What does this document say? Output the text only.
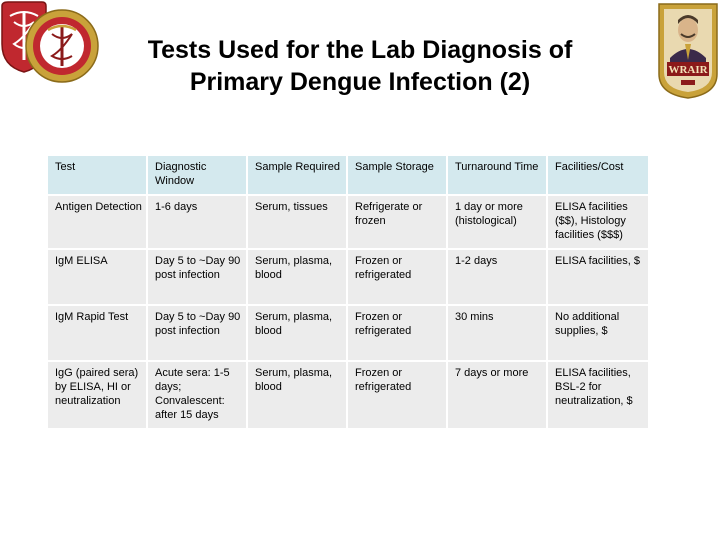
Tests Used for the Lab Diagnosis of
Primary Dengue Infection (2)	WRAIR
Test	Diagnostic Window	Sample Required	Sample Storage	Turnaround Time	Facilities/Cost
Antigen Detection	1-6 days	Serum, tissues	Refrigerate or frozen	1 day or more (histological)	ELISA facilities ($$), Histology facilities ($$$)
IgM ELISA	Day 5 to ~Day 90 post infection	Serum, plasma, blood	Frozen or refrigerated	1-2 days	ELISA facilities, $
IgM Rapid Test	Day 5 to ~Day 90 post infection	Serum, plasma, blood	Frozen or refrigerated	30 mins	No additional supplies, $
IgG (paired sera) by ELISA, HI or neutralization	Acute sera: 1-5 days; Convalescent: after 15 days	Serum, plasma, blood	Frozen or refrigerated	7 days or more	ELISA facilities, BSL-2 for neutralization, $
